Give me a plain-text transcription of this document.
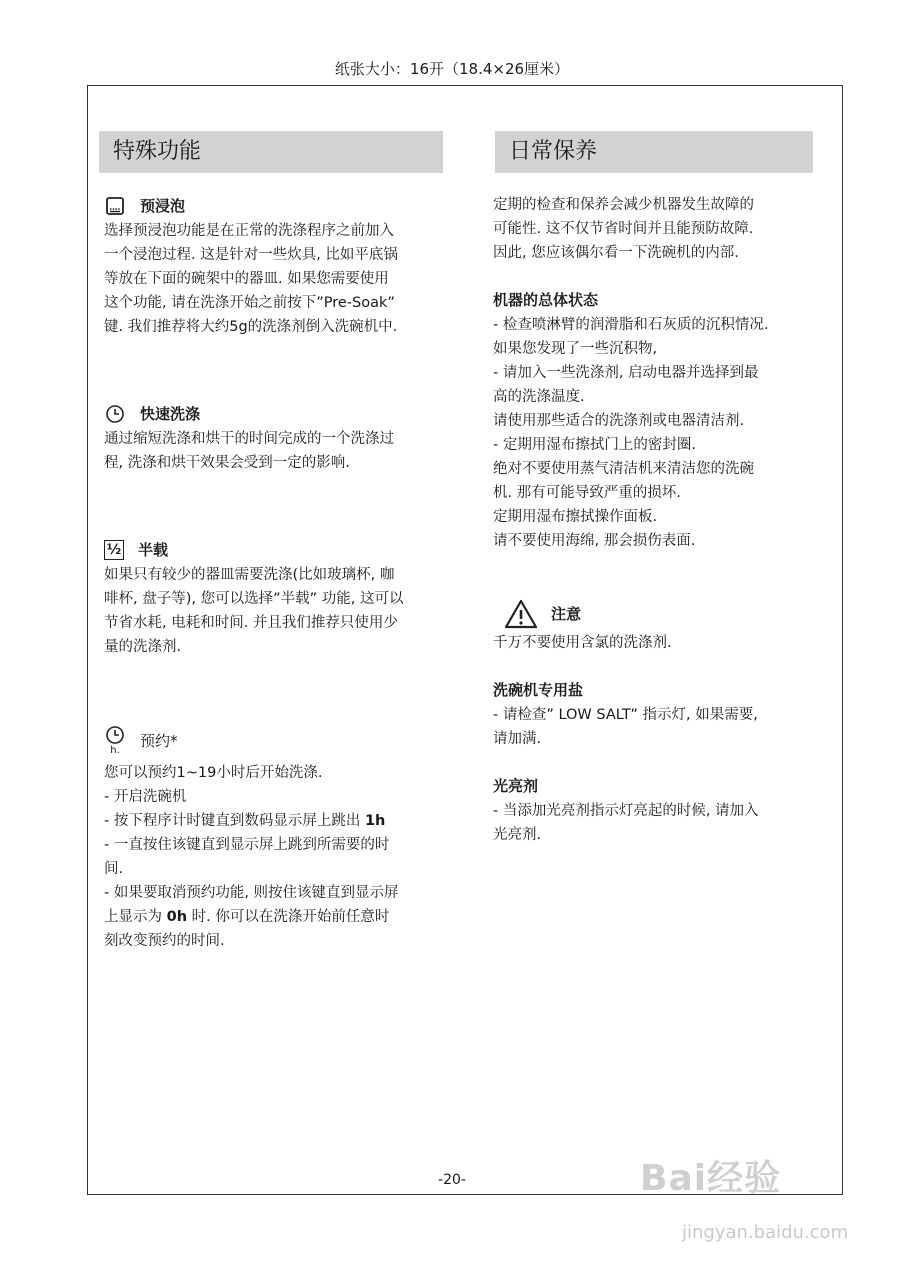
纸张大小：16开（18.4×26厘米）
特殊功能
预浸泡

选择预浸泡功能是在正常的洗涤程序之前加入

一个浸泡过程. 这是针对一些炊具, 比如平底锅

等放在下面的碗架中的器皿. 如果您需要使用

这个功能, 请在洗涤开始之前按下”Pre-Soak”

键. 我们推荐将大约5g的洗涤剂倒入洗碗机中.

快速洗涤

通过缩短洗涤和烘干的时间完成的一个洗涤过

程, 洗涤和烘干效果会受到一定的影响.

½ 半载

如果只有较少的器皿需要洗涤(比如玻璃杯, 咖

啡杯, 盘子等), 您可以选择”半载” 功能, 这可以

节省水耗, 电耗和时间. 并且我们推荐只使用少

量的洗涤剂.

h.
预约*

您可以预约1~19小时后开始洗涤.

- 开启洗碗机

- 按下程序计时键直到数码显示屏上跳出 1h

- 一直按住该键直到显示屏上跳到所需要的时

间.

- 如果要取消预约功能, 则按住该键直到显示屏

上显示为 0h 时. 你可以在洗涤开始前任意时

刻改变预约的时间.

日常保养

定期的检查和保养会减少机器发生故障的

可能性. 这不仅节省时间并且能预防故障.

因此, 您应该偶尔看一下洗碗机的内部.

机器的总体状态

- 检查喷淋臂的润滑脂和石灰质的沉积情况.

如果您发现了一些沉积物,

- 请加入一些洗涤剂, 启动电器并选择到最

高的洗涤温度.

请使用那些适合的洗涤剂或电器清洁剂.

- 定期用湿布擦拭门上的密封圈.

绝对不要使用蒸气清洁机来清洁您的洗碗

机. 那有可能导致严重的损坏.

定期用湿布擦拭操作面板.

请不要使用海绵, 那会损伤表面.

注意

千万不要使用含氯的洗涤剂.

洗碗机专用盐

- 请检查” LOW SALT” 指示灯, 如果需要,

请加满.

光亮剂

- 当添加光亮剂指示灯亮起的时候, 请加入

光亮剂.

-20-	Bai经验
jingyan.baidu.com
